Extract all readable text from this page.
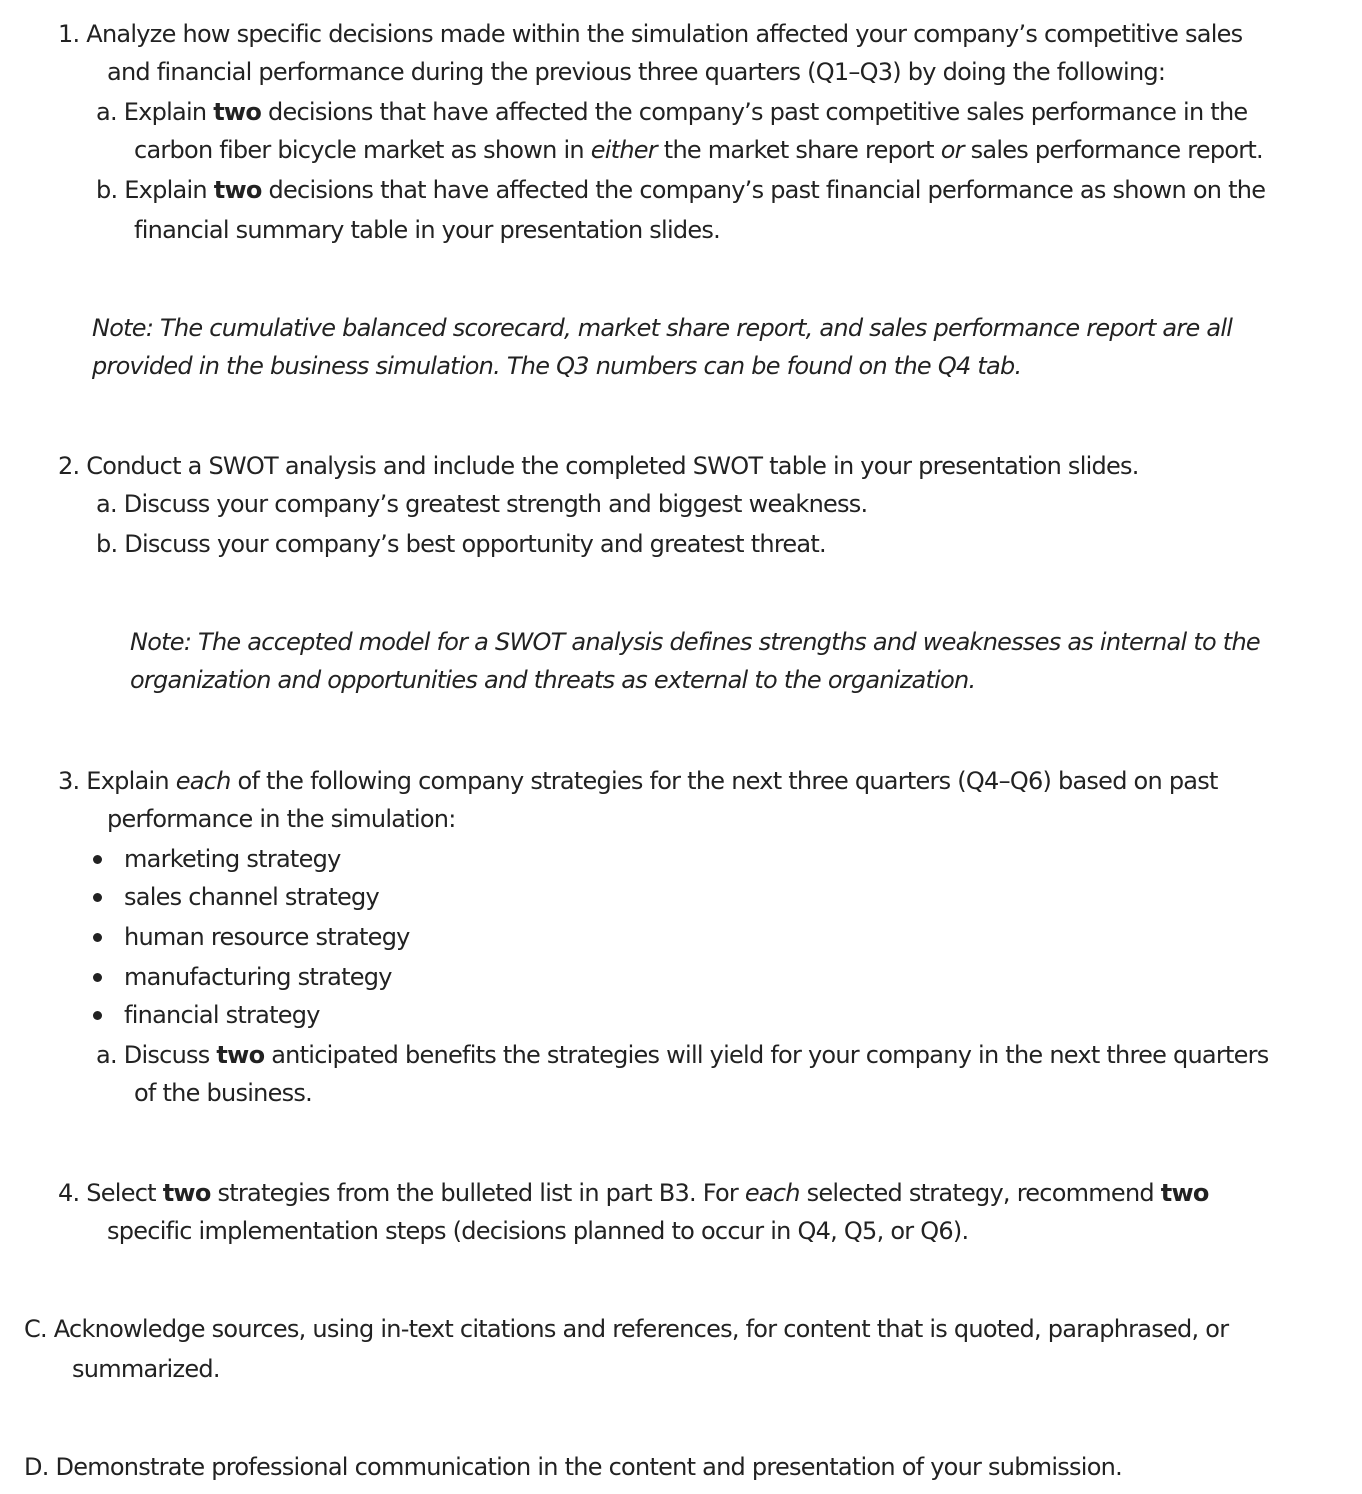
1. Analyze how specific decisions made within the simulation affected your company’s competitive sales
and financial performance during the previous three quarters (Q1–Q3) by doing the following:
a. Explain two decisions that have affected the company’s past competitive sales performance in the
carbon fiber bicycle market as shown in either the market share report or sales performance report.
b. Explain two decisions that have affected the company’s past financial performance as shown on the
financial summary table in your presentation slides.
Note: The cumulative balanced scorecard, market share report, and sales performance report are all
provided in the business simulation. The Q3 numbers can be found on the Q4 tab.
2. Conduct a SWOT analysis and include the completed SWOT table in your presentation slides.
a. Discuss your company’s greatest strength and biggest weakness.
b. Discuss your company’s best opportunity and greatest threat.
Note: The accepted model for a SWOT analysis defines strengths and weaknesses as internal to the
organization and opportunities and threats as external to the organization.
3. Explain each of the following company strategies for the next three quarters (Q4–Q6) based on past
performance in the simulation:
marketing strategy
sales channel strategy
human resource strategy
manufacturing strategy
financial strategy
a. Discuss two anticipated benefits the strategies will yield for your company in the next three quarters
of the business.
4. Select two strategies from the bulleted list in part B3. For each selected strategy, recommend two
specific implementation steps (decisions planned to occur in Q4, Q5, or Q6).
C. Acknowledge sources, using in-text citations and references, for content that is quoted, paraphrased, or
summarized.
D. Demonstrate professional communication in the content and presentation of your submission.
